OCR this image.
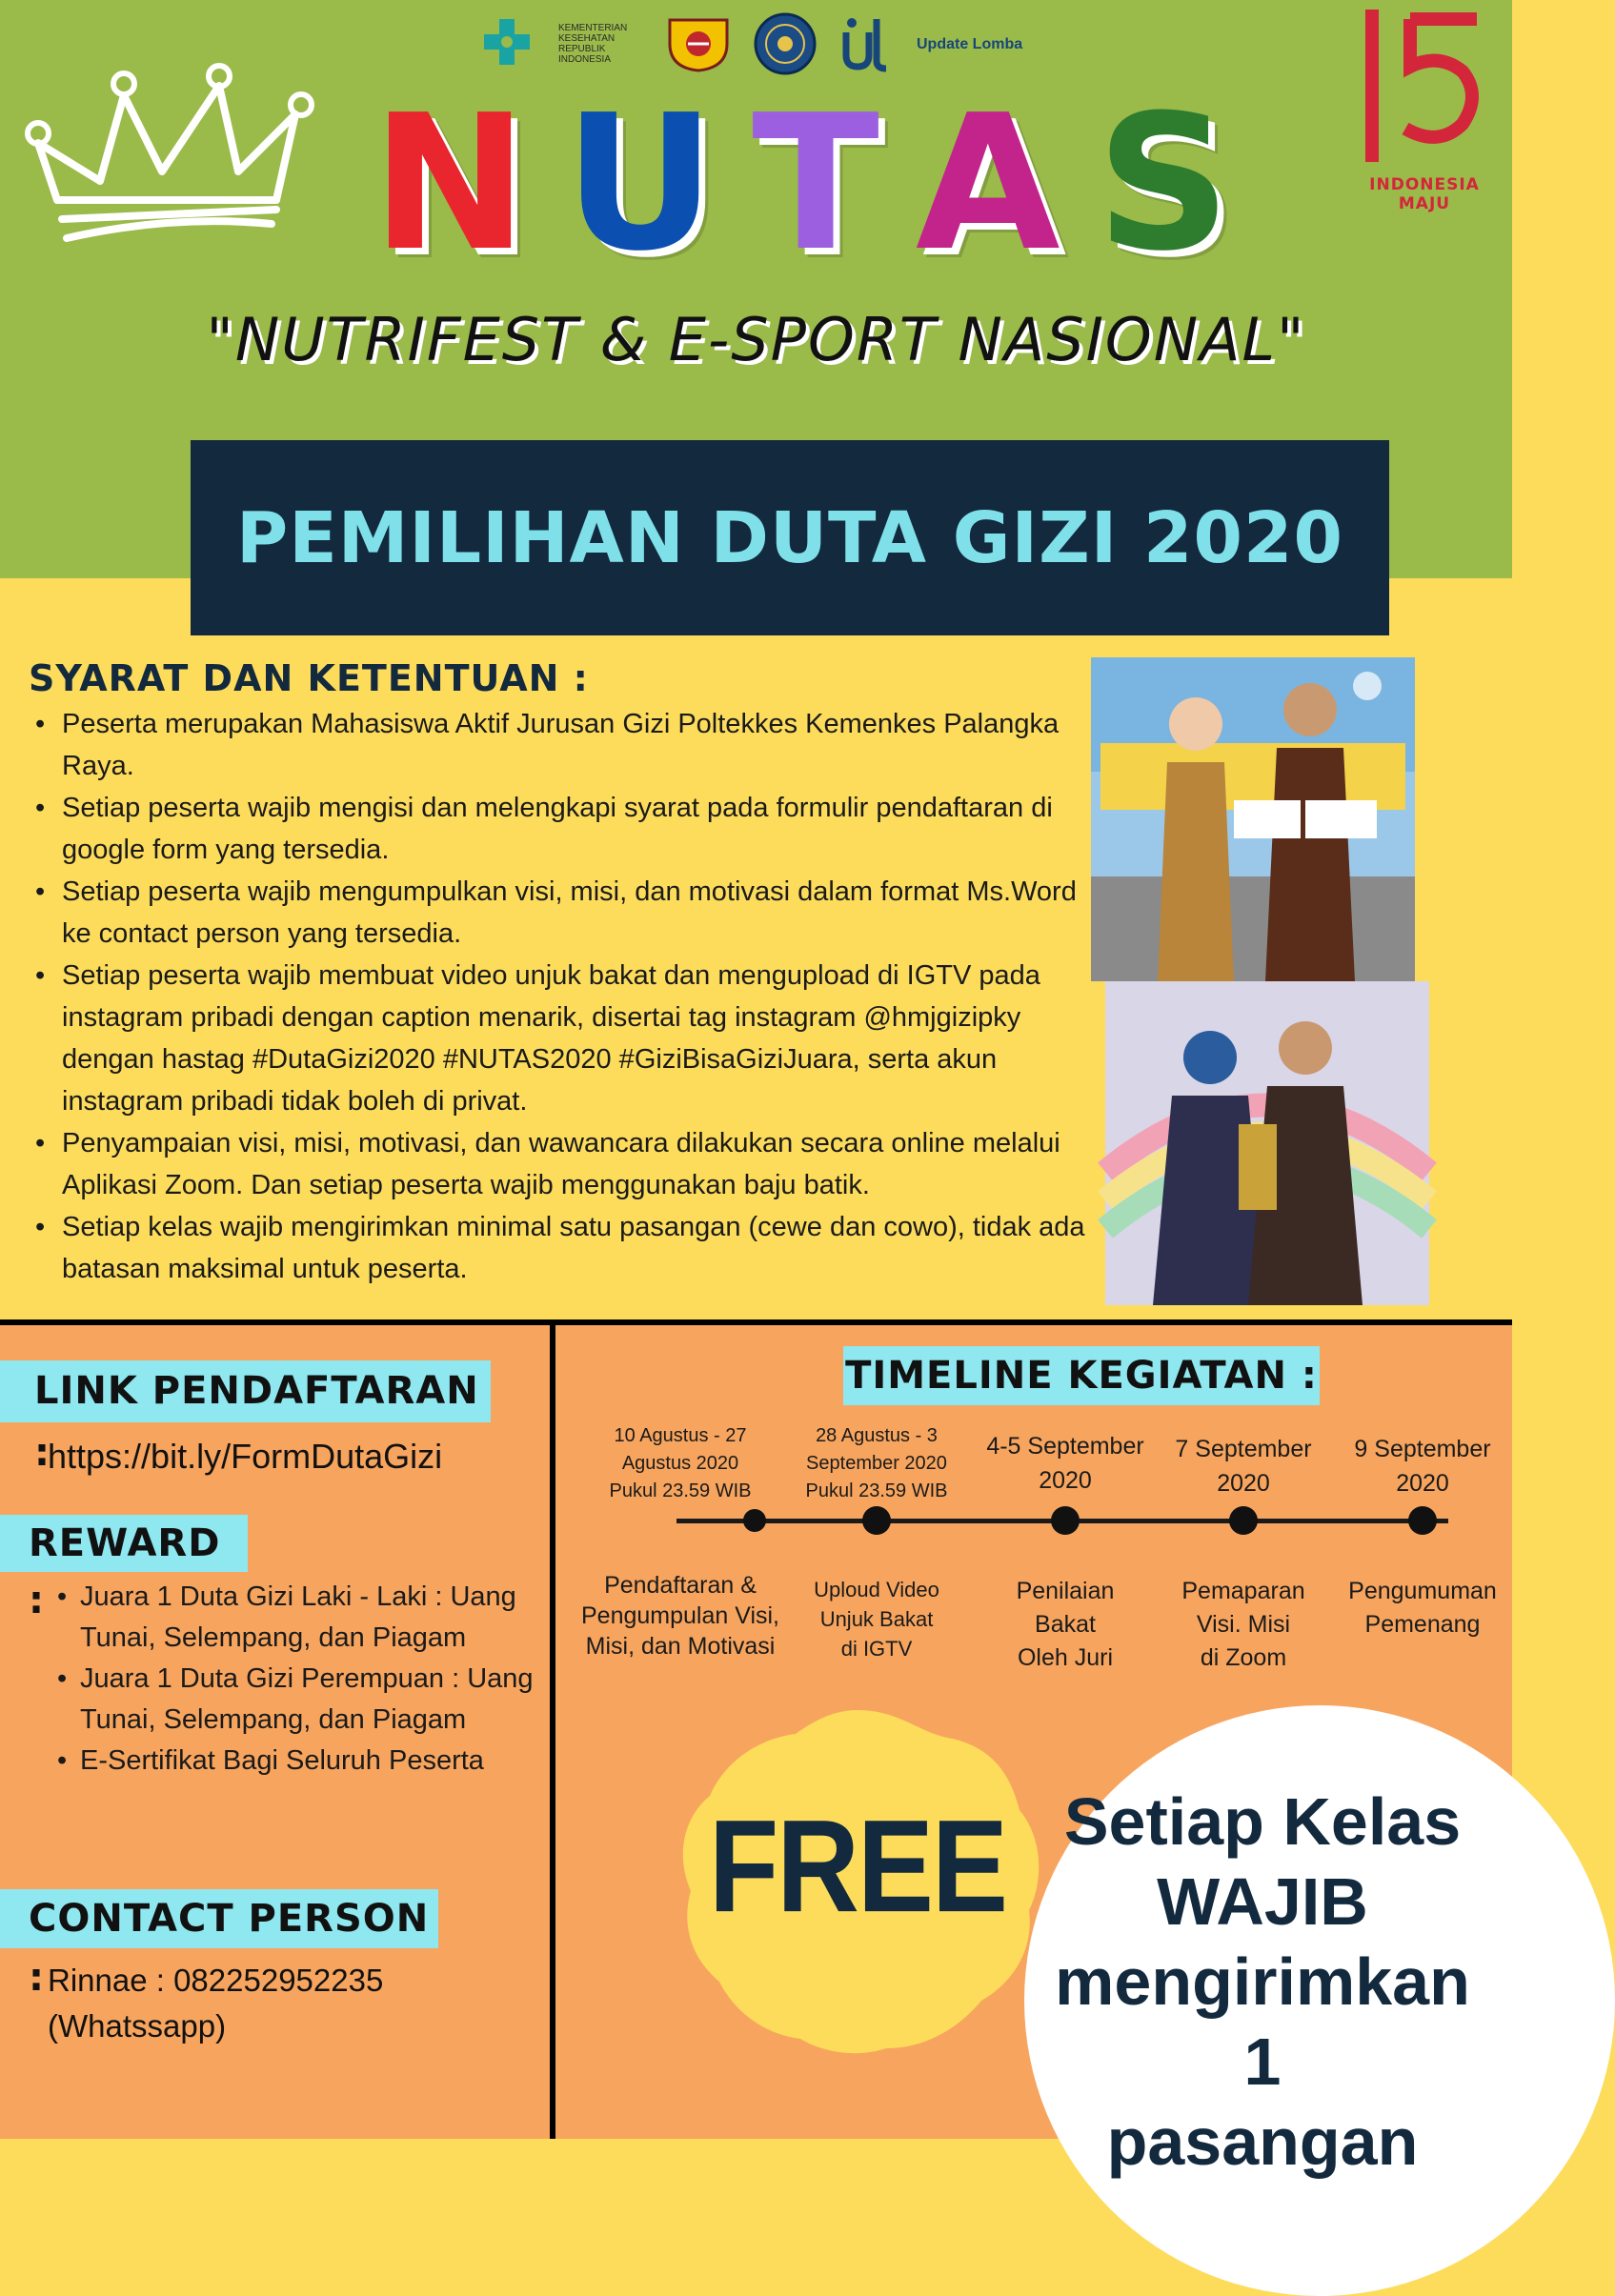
KEMENTERIAN KESEHATAN REPUBLIK INDONESIA
Update Lomba
INDONESIA
MAJU
N U T A S
"NUTRIFEST & E-SPORT NASIONAL"
PEMILIHAN DUTA GIZI 2020
SYARAT DAN KETENTUAN :
• Peserta merupakan Mahasiswa Aktif Jurusan Gizi Poltekkes Kemenkes Palangka Raya.
• Setiap peserta wajib mengisi dan melengkapi syarat pada formulir pendaftaran di google form yang tersedia.
• Setiap peserta wajib mengumpulkan visi, misi, dan motivasi dalam format Ms.Word ke contact person yang tersedia.
• Setiap peserta wajib membuat video unjuk bakat dan mengupload di IGTV pada instagram pribadi dengan caption menarik, disertai tag instagram @hmjgizipky dengan hastag #DutaGizi2020 #NUTAS2020 #GiziBisaGiziJuara, serta akun instagram pribadi tidak boleh di privat.
• Penyampaian visi, misi, motivasi, dan wawancara dilakukan secara online melalui Aplikasi Zoom. Dan setiap peserta wajib menggunakan baju batik.
• Setiap kelas wajib mengirimkan minimal satu pasangan (cewe dan cowo), tidak ada batasan maksimal untuk peserta.
LINK PENDAFTARAN :
https://bit.ly/FormDutaGizi
REWARD :
•	Juara 1 Duta Gizi Laki - Laki : Uang Tunai, Selempang, dan Piagam
• Juara 1 Duta Gizi Perempuan : Uang Tunai, Selempang, dan Piagam
• E-Sertifikat Bagi Seluruh Peserta
CONTACT PERSON : Rinnae : 082252952235
(Whatssapp)
TIMELINE KEGIATAN :
10 Agustus - 27
Agustus 2020
Pukul 23.59 WIB
Pendaftaran &
Pengumpulan Visi,
Misi, dan Motivasi
28 Agustus - 3
September 2020
Pukul 23.59 WIB
Uploud Video
Unjuk Bakat
di IGTV
4-5 September
2020
Penilaian
Bakat
Oleh Juri
7 September
2020
Pemaparan
Visi. Misi
di Zoom
9 September
2020
Pengumuman
Pemenang
FREE Setiap Kelas
WAJIB
mengirimkan 1
pasangan
